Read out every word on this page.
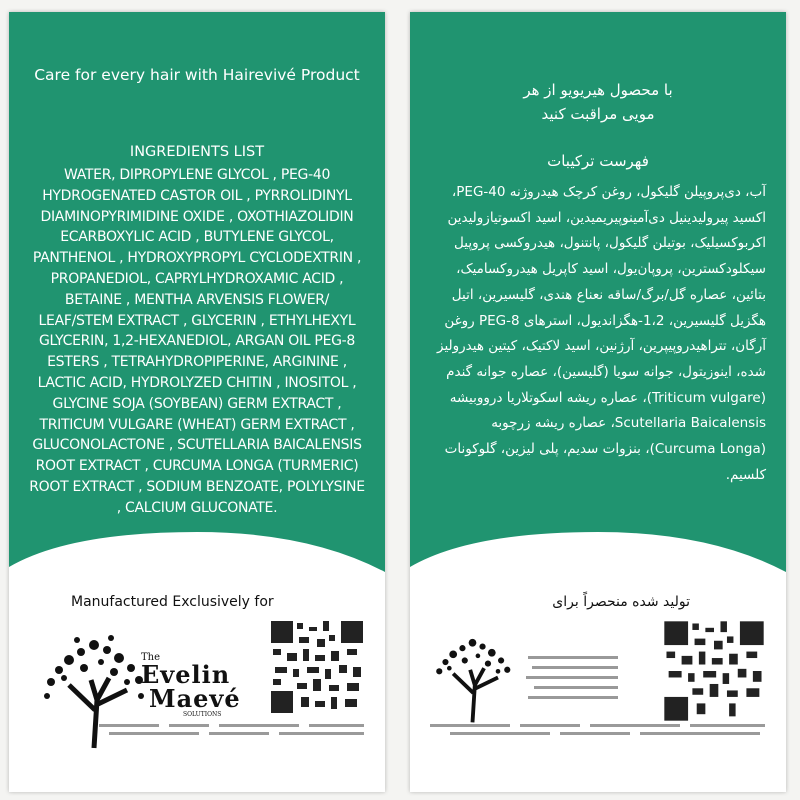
Care for every hair with Hairevivé Product
INGREDIENTS LIST
WATER, DIPROPYLENE GLYCOL , PEG-40 HYDROGENATED CASTOR OIL , PYRROLIDINYL DIAMINOPYRIMIDINE OXIDE , OXOTHIAZOLIDIN ECARBOXYLIC ACID , BUTYLENE GLYCOL, PANTHENOL , HYDROXYPROPYL CYCLODEXTRIN , PROPANEDIOL, CAPRYLHYDROXAMIC ACID , BETAINE , MENTHA ARVENSIS FLOWER/ LEAF/STEM EXTRACT , GLYCERIN , ETHYLHEXYL GLYCERIN, 1,2-HEXANEDIOL, ARGAN OIL PEG-8 ESTERS , TETRAHYDROPIPERINE, ARGININE , LACTIC ACID, HYDROLYZED CHITIN , INOSITOL , GLYCINE SOJA (SOYBEAN) GERM EXTRACT , TRITICUM VULGARE (WHEAT) GERM EXTRACT , GLUCONOLACTONE , SCUTELLARIA BAICALENSIS ROOT EXTRACT , CURCUMA LONGA (TURMERIC) ROOT EXTRACT , SODIUM BENZOATE, POLYLYSINE , CALCIUM GLUCONATE.
Manufactured Exclusively for
The
Evelin
Maevé
SOLUTIONS
با محصول هیریویو از هر مویی مراقبت کنید
فهرست ترکیبات
آب، دی‌پروپیلن گلیکول، روغن کرچک هیدروژنه PEG-40، اکسید پیرولیدینیل دی‌آمینوپیریمیدین، اسید اکسوتیازولیدین اکربوکسیلیک، بوتیلن گلیکول، پانتنول، هیدروکسی پروپیل سیکلودکسترین، پروپان‌یول، اسید کاپریل هیدروکسامیک، بتائین، عصاره گل/برگ/ساقه نعناع هندی، گلیسیرین، اتیل هگزیل گلیسیرین، 1،2-هگزاندیول، استرهای PEG-8 روغن آرگان، تتراهیدروپیپرین، آرژنین، اسید لاکتیک، کیتین هیدرولیز شده، اینوزیتول، جوانه سویا (گلیسین)، عصاره جوانه گندم (Triticum vulgare)، عصاره ریشه اسکوتلاریا درووبیشه Scutellaria Baicalensis، عصاره ریشه زرچوبه (Curcuma Longa)، بنزوات سدیم، پلی لیزین، گلوکونات کلسیم.
تولید شده منحصراً برای
